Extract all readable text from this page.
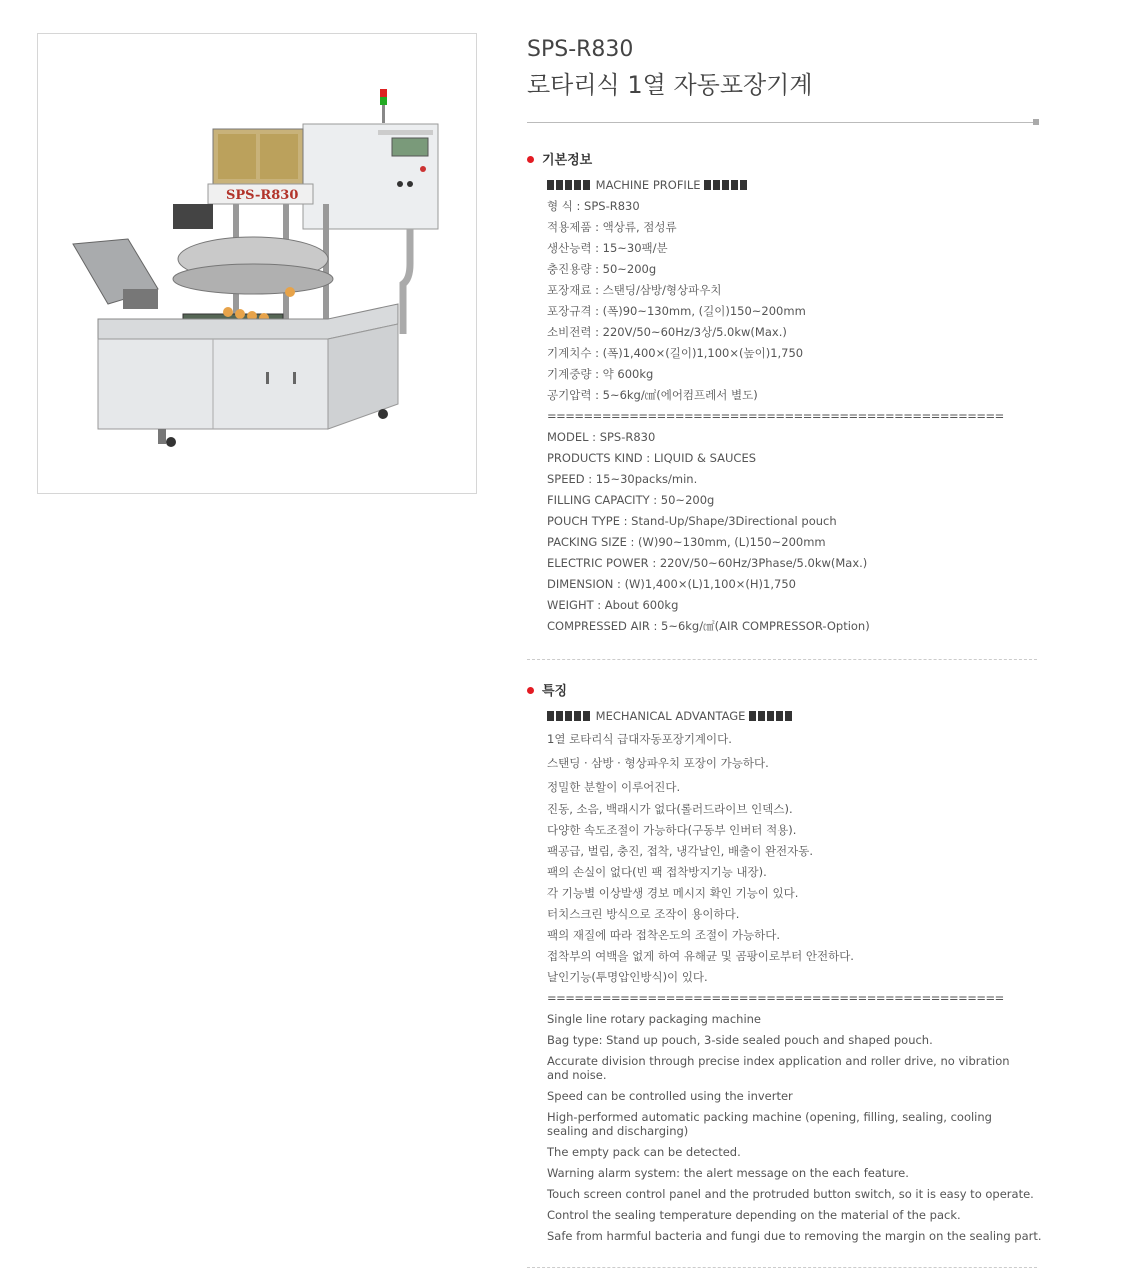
SPS-R830
SPS-R830
로타리식 1열 자동포장기계
기본정보
MACHINE PROFILE
형 식 : SPS-R830
적용제품 : 액상류, 점성류
생산능력 : 15~30팩/분
충진용량 : 50~200g
포장재료 : 스탠딩/삼방/형상파우치
포장규격 : (폭)90~130mm, (길이)150~200mm
소비전력 : 220V/50~60Hz/3상/5.0kw(Max.)
기계치수 : (폭)1,400×(길이)1,100×(높이)1,750
기계중량 : 약 600kg
공기압력 : 5~6kg/㎠(에어컴프레서 별도)
==================================================
MODEL : SPS-R830
PRODUCTS KIND : LIQUID & SAUCES
SPEED : 15~30packs/min.
FILLING CAPACITY : 50~200g
POUCH TYPE : Stand-Up/Shape/3Directional pouch
PACKING SIZE : (W)90~130mm, (L)150~200mm
ELECTRIC POWER : 220V/50~60Hz/3Phase/5.0kw(Max.)
DIMENSION : (W)1,400×(L)1,100×(H)1,750
WEIGHT : About 600kg
COMPRESSED AIR : 5~6kg/㎠(AIR COMPRESSOR-Option)
특징
MECHANICAL ADVANTAGE
1열 로타리식 급대자동포장기계이다.
스탠딩 · 삼방 · 형상파우치 포장이 가능하다.
정밀한 분할이 이루어진다.
진동, 소음, 백래시가 없다(롤러드라이브 인덱스).
다양한 속도조절이 가능하다(구동부 인버터 적용).
팩공급, 벌림, 충진, 접착, 냉각날인, 배출이 완전자동.
팩의 손실이 없다(빈 팩 접착방지기능 내장).
각 기능별 이상발생 경보 메시지 확인 기능이 있다.
터치스크린 방식으로 조작이 용이하다.
팩의 재질에 따라 접착온도의 조절이 가능하다.
접착부의 여백을 없게 하여 유해균 및 곰팡이로부터 안전하다.
날인기능(투명압인방식)이 있다.
==================================================
Single line rotary packaging machine
Bag type: Stand up pouch, 3-side sealed pouch and shaped pouch.
Accurate division through precise index application and roller drive, no vibration and noise.
Speed can be controlled using the inverter
High-performed automatic packing machine (opening, filling, sealing, cooling sealing and discharging)
The empty pack can be detected.
Warning alarm system: the alert message on the each feature.
Touch screen control panel and the protruded button switch, so it is easy to operate.
Control the sealing temperature depending on the material of the pack.
Safe from harmful bacteria and fungi due to removing the margin on the sealing part.
